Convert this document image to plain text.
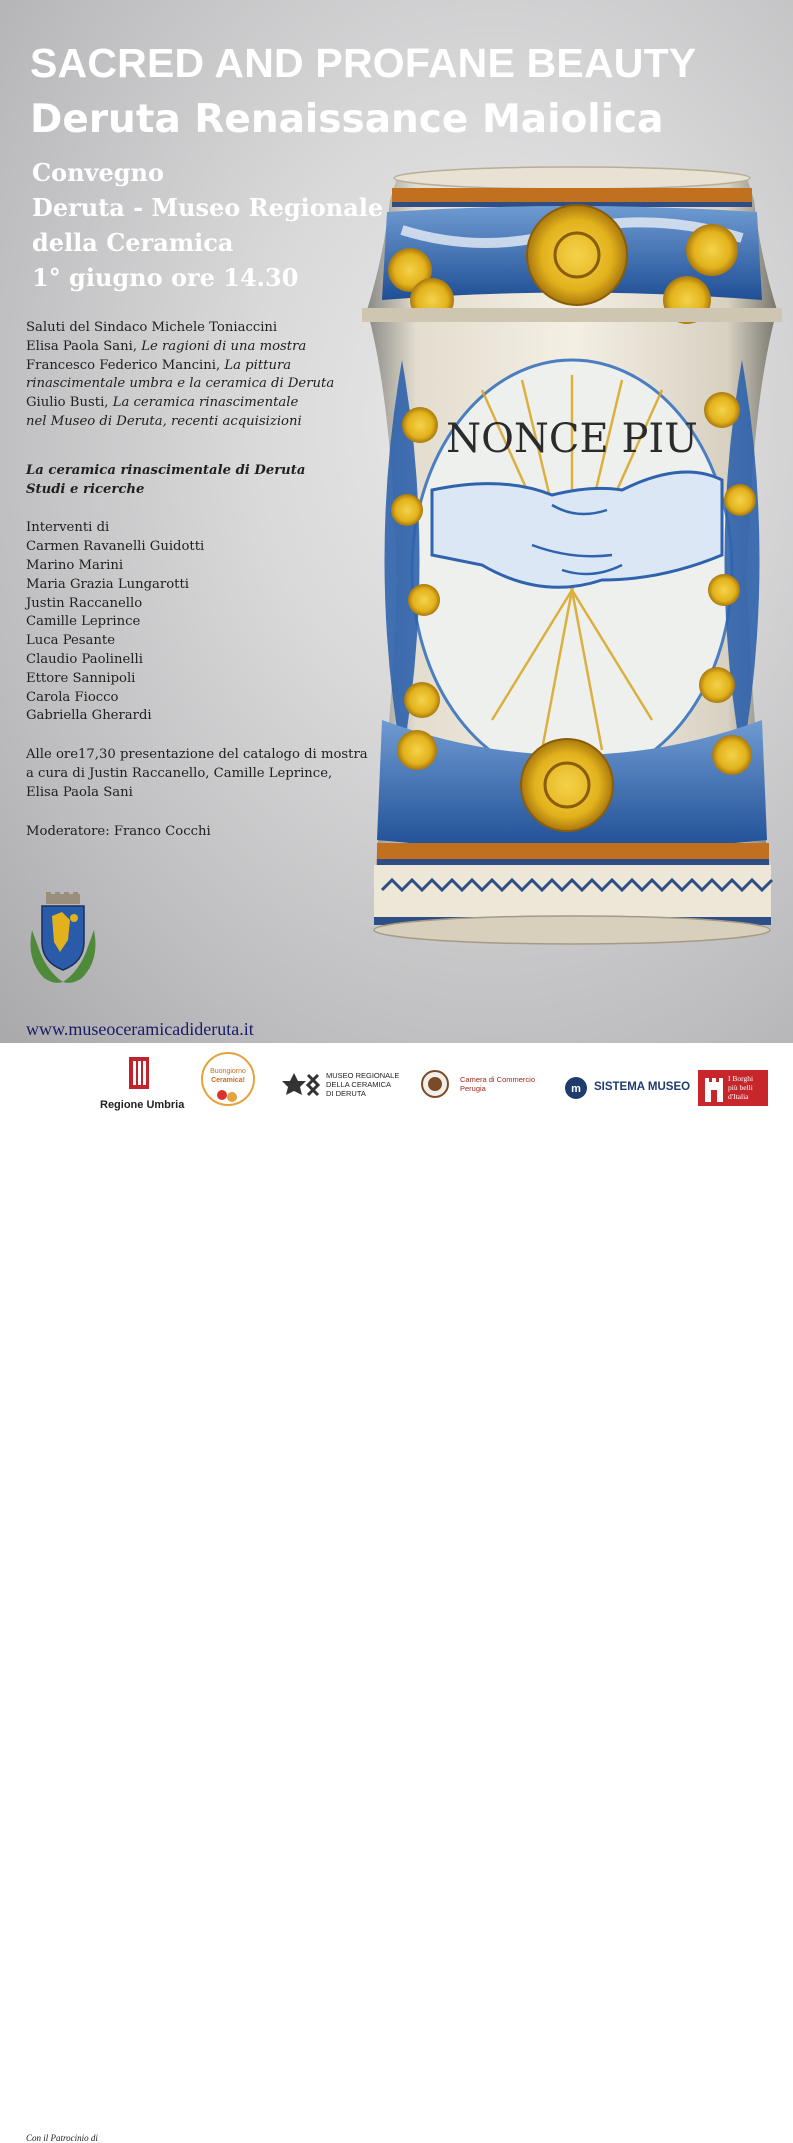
SACRED AND PROFANE BEAUTY
Deruta Renaissance Maiolica
Convegno
Deruta - Museo Regionale
della Ceramica
1° giugno ore 14.30
NONCE PIU
Saluti del Sindaco Michele Toniaccini
Elisa Paola Sani, Le ragioni di una mostra
Francesco Federico Mancini, La pittura
rinascimentale umbra e la ceramica di Deruta
Giulio Busti, La ceramica rinascimentale
nel Museo di Deruta, recenti acquisizioni
La ceramica rinascimentale di Deruta
Studi e ricerche
Interventi di
Carmen Ravanelli Guidotti
Marino Marini
Maria Grazia Lungarotti
Justin Raccanello
Camille Leprince
Luca Pesante
Claudio Paolinelli
Ettore Sannipoli
Carola Fiocco
Gabriella Gherardi
Alle ore17,30 presentazione del catalogo di mostra
a cura di Justin Raccanello, Camille Leprince,
Elisa Paola Sani
Moderatore: Franco Cocchi

www.museoceramicadideruta.it

Con il Patrocinio di
Regione Umbria
Buongiorno
Ceramica!
MUSEO REGIONALE
DELLA CERAMICA
DI DERUTA
Camera di Commercio
Perugia	m SISTEMA MUSEO
I Borghi
più belli
d'Italia
